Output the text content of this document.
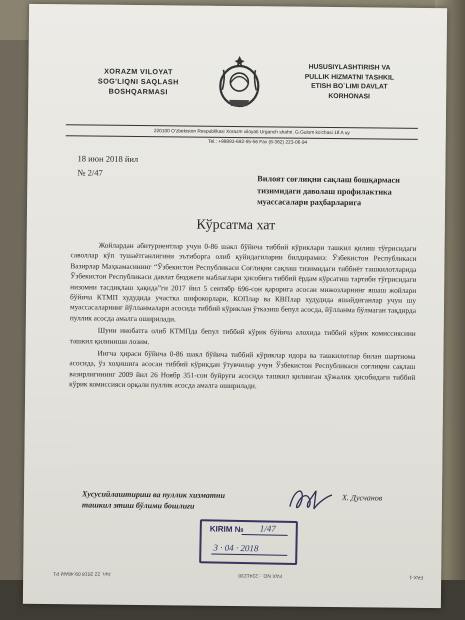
XORAZM VILOYAT
SOG'LIQNI SAQLASH
BOSHQARMASI
HUSUSIYLASHTIRISH VA
PULLIK HIZMATNI TASHKIL
ETISH BO`LIMI DAVLAT
KORHONASI
220100 O'zbekiston Respublikasi Xorazm viloyati Urganch shahri. G.Gulom ko'chasi 18 A uy
Tel.: +99893-692-55-56 Fax (8-362) 223-06-94
18 июн 2018 йил
№ 2/47
Вилоят соғлиқни сақлаш бошқармаси
тизимидаги даволаш профилактика
муассасалари раҳбарларига
Кўрсатма хат

Жойлардан абитуриентлар учун 0-86 шакл бўйича тиббий кўриклари ташкил қилиш тўғрисидаги саволлар кўп тушаётганлигини эътиборга олиб қуйидагиларни билдирамиз: Ўзбекистон Республикаси Вазирлар Маҳкамасининг “Ўзбекистон Республикаси Соғлиқни сақлаш тизимидаги тиббиёт ташкилотларида Ўзбекистон Республикаси давлат бюджети маблағлари ҳисобига тиббий ёрдам кўрсатиш тартиби тўғрисидаги низомни тасдиқлаш ҳақида”ги 2017 йил 5 сентябр 696-сон қарорига асосан мижозларнинг яшаш жойлари бўйича КТМП худудида участка шифокорлари, КОПлар ва КВПлар худудида яшайдиганлар учун шу муассасаларнинг йўлланмалари асосида тиббий кўриклан ўтказиш бепул асосда, йўлланма бўлмаган тақдирда пуллик асосда амалга оширилади.

Шуни инобатга олиб КТМПда бепул тиббий кўрик бўйича алохида тиббий кўрик комиссиясини ташкил қилиниши лозим.

Иигча ҳирасн бўйича 0-86 шакл бўйича тиббий кўриклар идора ва ташкилотлар билан шартнома асосида, ўз хоҳишига асосан тиббий кўрикдан ўтувчилар учун Ўзбекистон Республикаси соғлиқни сақлаш вазирлигининг 2009 йил 26 Ноябр 351-сон буйруғи асосида ташкил қилинган ҳўжалик ҳисобидаги тиббий кўрик комиссияси орқали пуллик асосда амалга оширилади.

Хусусийлаштириш ва пуллик хизматни
ташкил этиш бўлими бошлиғи
Х. Дусчанов
KIRIM № 1/47
3 · 04 · 2018
FAX-1
FAX NO. : 2241230
Jun. 22 2018 09:48AM P1
